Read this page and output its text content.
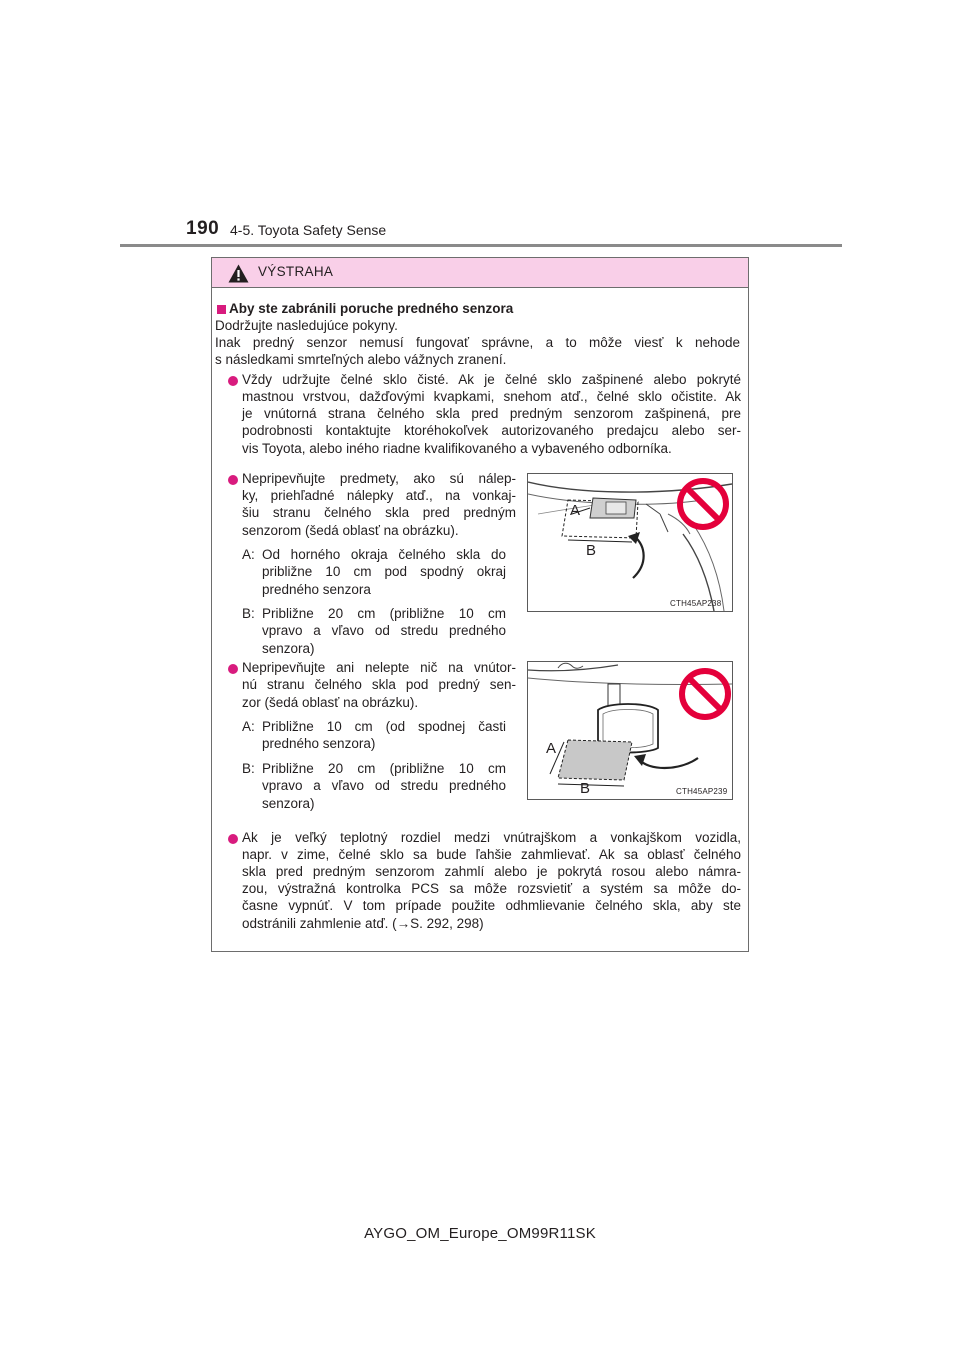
190 4-5. Toyota Safety Sense
VÝSTRAHA
Aby ste zabránili poruche predného senzora
Dodržujte nasledujúce pokyny.
Inak predný senzor nemusí fungovať správne, a to môže viesť k nehode
s následkami smrteľných alebo vážnych zranení.
Vždy udržujte čelné sklo čisté. Ak je čelné sklo zašpinené alebo pokryté
mastnou vrstvou, dažďovými kvapkami, snehom atď., čelné sklo očistite. Ak
je vnútorná strana čelného skla pred predným senzorom zašpinená, pre
podrobnosti kontaktujte ktoréhokoľvek autorizovaného predajcu alebo ser-
vis Toyota, alebo iného riadne kvalifikovaného a vybaveného odborníka.
Nepripevňujte predmety, ako sú nálep-
ky, priehľadné nálepky atď., na vonkaj-
šiu stranu čelného skla pred predným
senzorom (šedá oblasť na obrázku).
A: Od horného okraja čelného skla do
približne 10 cm pod spodný okraj
predného senzora
B: Približne 20 cm (približne 10 cm
vpravo a vľavo od stredu predného
senzora)
A
B
CTH45AP238
Nepripevňujte ani nelepte nič na vnútor-
nú stranu čelného skla pod predný sen-
zor (šedá oblasť na obrázku).
A: Približne 10 cm (od spodnej časti
predného senzora)
B: Približne 20 cm (približne 10 cm
vpravo a vľavo od stredu predného
senzora)
A
B	CTH45AP239
Ak je veľký teplotný rozdiel medzi vnútrajškom a vonkajškom vozidla,
napr. v zime, čelné sklo sa bude ľahšie zahmlievať. Ak sa oblasť čelného
skla pred predným senzorom zahmlí alebo je pokrytá rosou alebo námra-
zou, výstražná kontrolka PCS sa môže rozsvietiť a systém sa môže do-
časne vypnúť. V tom prípade použite odhmlievanie čelného skla, aby ste
odstránili zahmlenie atď. (→S. 292, 298)
AYGO_OM_Europe_OM99R11SK
